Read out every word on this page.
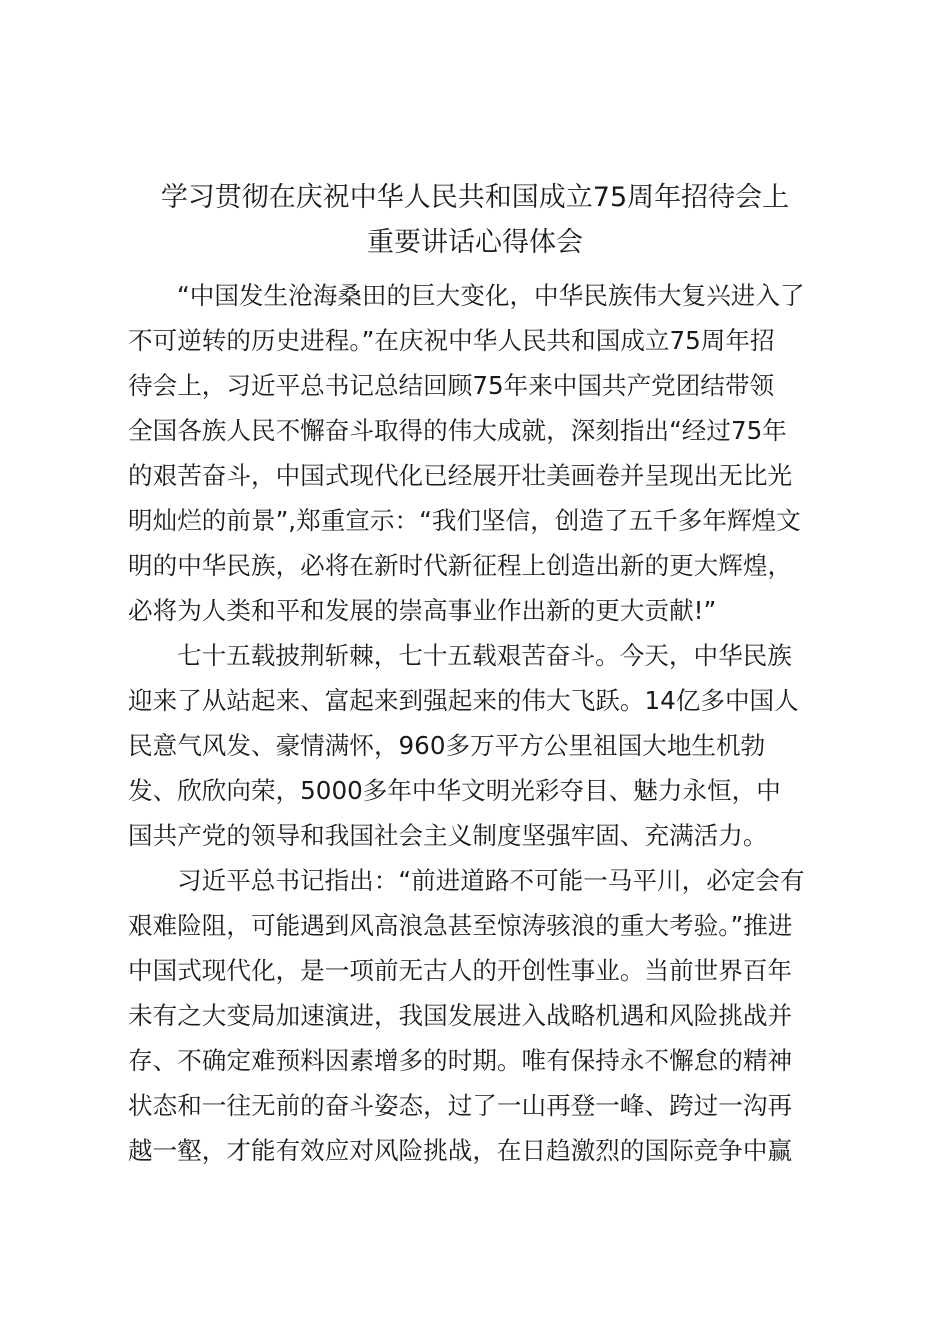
学习贯彻在庆祝中华人民共和国成立75周年招待会上
重要讲话心得体会
“中国发生沧海桑田的巨大变化，中华民族伟大复兴进入了
不可逆转的历史进程。”在庆祝中华人民共和国成立75周年招
待会上，习近平总书记总结回顾75年来中国共产党团结带领
全国各族人民不懈奋斗取得的伟大成就，深刻指出“经过75年
的艰苦奋斗，中国式现代化已经展开壮美画卷并呈现出无比光
明灿烂的前景”,郑重宣示：“我们坚信，创造了五千多年辉煌文
明的中华民族，必将在新时代新征程上创造出新的更大辉煌，
必将为人类和平和发展的崇高事业作出新的更大贡献!”
七十五载披荆斩棘，七十五载艰苦奋斗。今天，中华民族
迎来了从站起来、富起来到强起来的伟大飞跃。14亿多中国人
民意气风发、豪情满怀，960多万平方公里祖国大地生机勃
发、欣欣向荣，5000多年中华文明光彩夺目、魅力永恒，中
国共产党的领导和我国社会主义制度坚强牢固、充满活力。
习近平总书记指出：“前进道路不可能一马平川，必定会有
艰难险阻，可能遇到风高浪急甚至惊涛骇浪的重大考验。”推进
中国式现代化，是一项前无古人的开创性事业。当前世界百年
未有之大变局加速演进，我国发展进入战略机遇和风险挑战并
存、不确定难预料因素增多的时期。唯有保持永不懈怠的精神
状态和一往无前的奋斗姿态，过了一山再登一峰、跨过一沟再
越一壑，才能有效应对风险挑战，在日趋激烈的国际竞争中赢
